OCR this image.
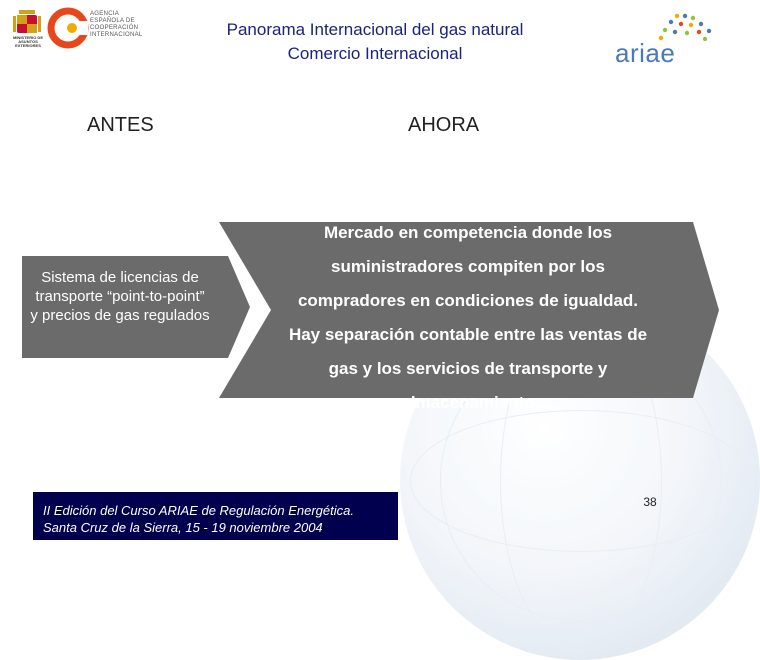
MINISTERIO DE ASUNTOS EXTERIORES
AGENCIA
ESPAÑOLA DE
COOPERACIÓN
INTERNACIONAL	Panorama Internacional del gas natural
Comercio Internacional	ariae
ANTES	AHORA
Sistema de licencias de transporte “point-to-point” y precios de gas regulados
Mercado en competencia donde los
suministradores compiten por los
compradores en condiciones de igualdad.
Hay separación contable entre las ventas de
gas y los servicios de transporte y
almacenamiento
II Edición del Curso ARIAE de Regulación Energética.
Santa Cruz de la Sierra, 15 - 19 noviembre 2004
38
